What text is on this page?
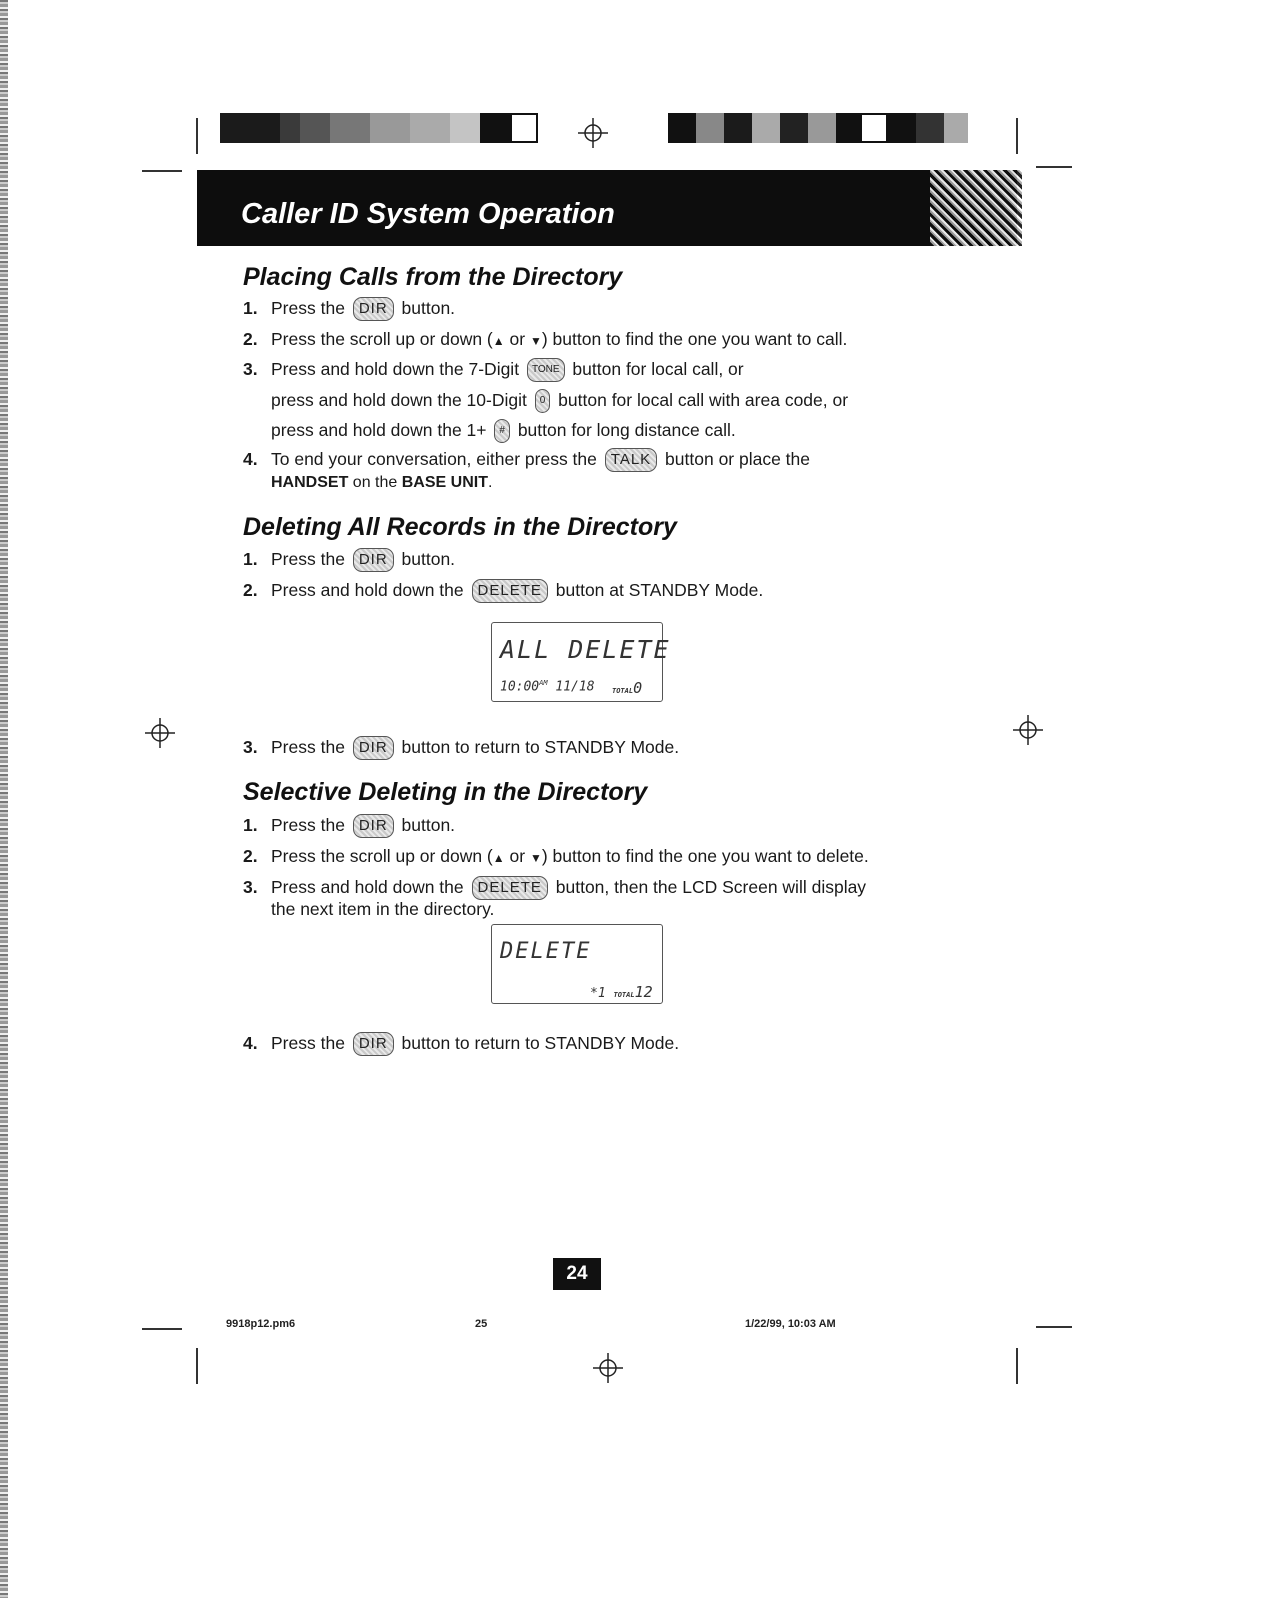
Caller ID System Operation
Placing Calls from the Directory
1. Press the DIR button.
2. Press the scroll up or down (▲ or ▼) button to find the one you want to call.
3. Press and hold down the 7-Digit TONE button for local call, or
press and hold down the 10-Digit 0 button for local call with area code, or
press and hold down the 1+ # button for long distance call.
4. To end your conversation, either press the TALK button or place the
HANDSET on the BASE UNIT.
Deleting All Records in the Directory
1. Press the DIR button.
2. Press and hold down the DELETE button at STANDBY Mode.
ALL DELETE
$10:00^{AM}$ 11/18 TOTAL0
3. Press the DIR button to return to STANDBY Mode.
Selective Deleting in the Directory
1. Press the DIR button.
2. Press the scroll up or down (▲ or ▼) button to find the one you want to delete.
3. Press and hold down the DELETE button, then the LCD Screen will display
the next item in the directory.
DELETE
*1 TOTAL12
4. Press the DIR button to return to STANDBY Mode.
24
9918p12.pm6	25	1/22/99, 10:03 AM
